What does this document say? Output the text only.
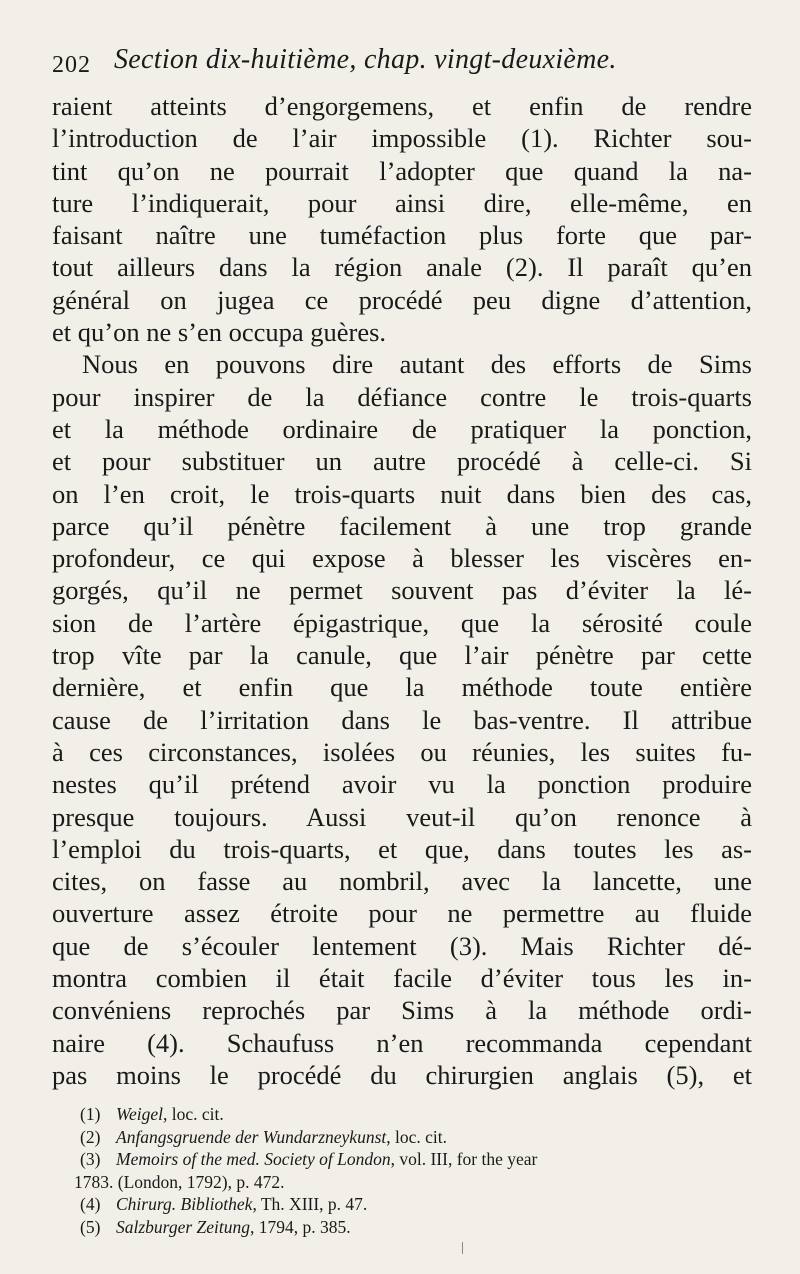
202 Section dix-huitième, chap. vingt-deuxième.
raient atteints d’engorgemens, et enfin de rendre
l’introduction de l’air impossible (1). Richter sou-
tint qu’on ne pourrait l’adopter que quand la na-
ture l’indiquerait, pour ainsi dire, elle-même, en
faisant naître une tuméfaction plus forte que par-
tout ailleurs dans la région anale (2). Il paraît qu’en
général on jugea ce procédé peu digne d’attention,
et qu’on ne s’en occupa guères.
Nous en pouvons dire autant des efforts de Sims
pour inspirer de la défiance contre le trois-quarts
et la méthode ordinaire de pratiquer la ponction,
et pour substituer un autre procédé à celle-ci. Si
on l’en croit, le trois-quarts nuit dans bien des cas,
parce qu’il pénètre facilement à une trop grande
profondeur, ce qui expose à blesser les viscères en-
gorgés, qu’il ne permet souvent pas d’éviter la lé-
sion de l’artère épigastrique, que la sérosité coule
trop vîte par la canule, que l’air pénètre par cette
dernière, et enfin que la méthode toute entière
cause de l’irritation dans le bas-ventre. Il attribue
à ces circonstances, isolées ou réunies, les suites fu-
nestes qu’il prétend avoir vu la ponction produire
presque toujours. Aussi veut-il qu’on renonce à
l’emploi du trois-quarts, et que, dans toutes les as-
cites, on fasse au nombril, avec la lancette, une
ouverture assez étroite pour ne permettre au fluide
que de s’écouler lentement (3). Mais Richter dé-
montra combien il était facile d’éviter tous les in-
convéniens reprochés par Sims à la méthode ordi-
naire (4). Schaufuss n’en recommanda cependant
pas moins le procédé du chirurgien anglais (5), et
(1) Weigel, loc. cit.
(2) Anfangsgruende der Wundarzneykunst, loc. cit.
(3) Memoirs of the med. Society of London, vol. III, for the year
1783. (London, 1792), p. 472.
(4) Chirurg. Bibliothek, Th. XIII, p. 47.
(5) Salzburger Zeitung, 1794, p. 385.
